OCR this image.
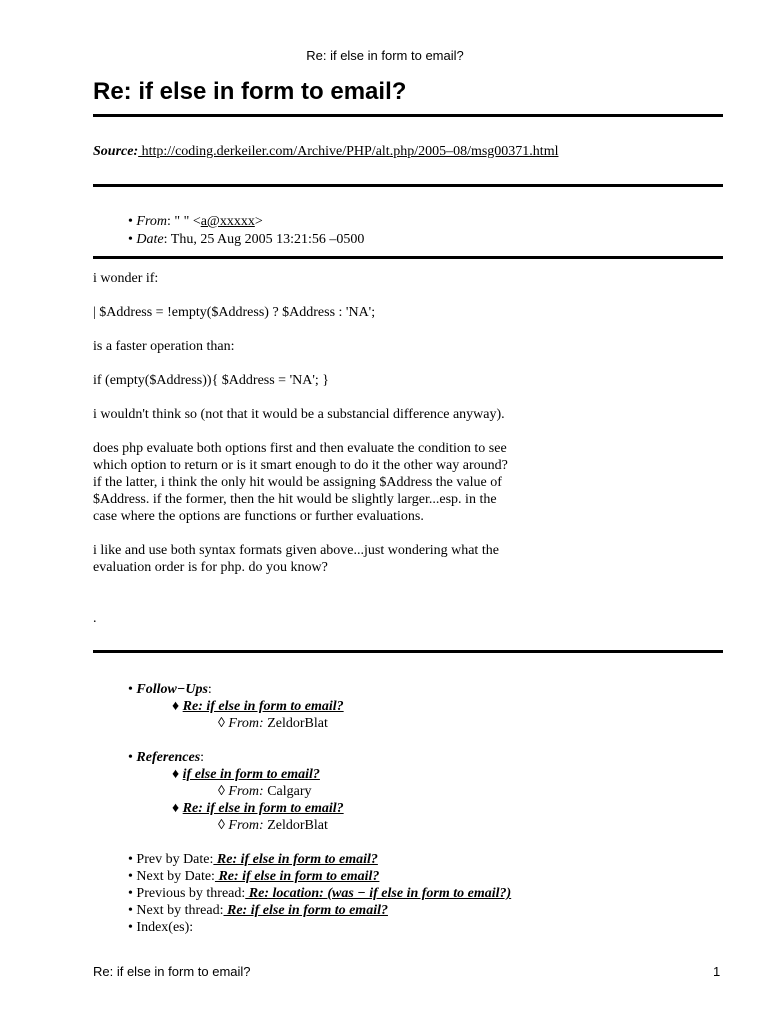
Re: if else in form to email?
Re: if else in form to email?
Source: http://coding.derkeiler.com/Archive/PHP/alt.php/2005–08/msg00371.html
• From: " " <a@xxxxx>
• Date: Thu, 25 Aug 2005 13:21:56 –0500

i wonder if:

| $Address = !empty($Address) ? $Address : 'NA';

is a faster operation than:

if (empty($Address)){ $Address = 'NA'; }

i wouldn't think so (not that it would be a substancial difference anyway).

does php evaluate both options first and then evaluate the condition to see
which option to return or is it smart enough to do it the other way around?
if the latter, i think the only hit would be assigning $Address the value of
$Address. if the former, then the hit would be slightly larger...esp. in the
case where the options are functions or further evaluations.
i like and use both syntax formats given above...just wondering what the
evaluation order is for php. do you know?

.

• Follow−Ups:
♦ Re: if else in form to email?
◊ From: ZeldorBlat
• References:
♦ if else in form to email?
◊ From: Calgary
♦ Re: if else in form to email?
◊ From: ZeldorBlat
• Prev by Date: Re: if else in form to email?
• Next by Date: Re: if else in form to email?
• Previous by thread: Re: location: (was − if else in form to email?)
• Next by thread: Re: if else in form to email?
• Index(es):
Re: if else in form to email?	1
